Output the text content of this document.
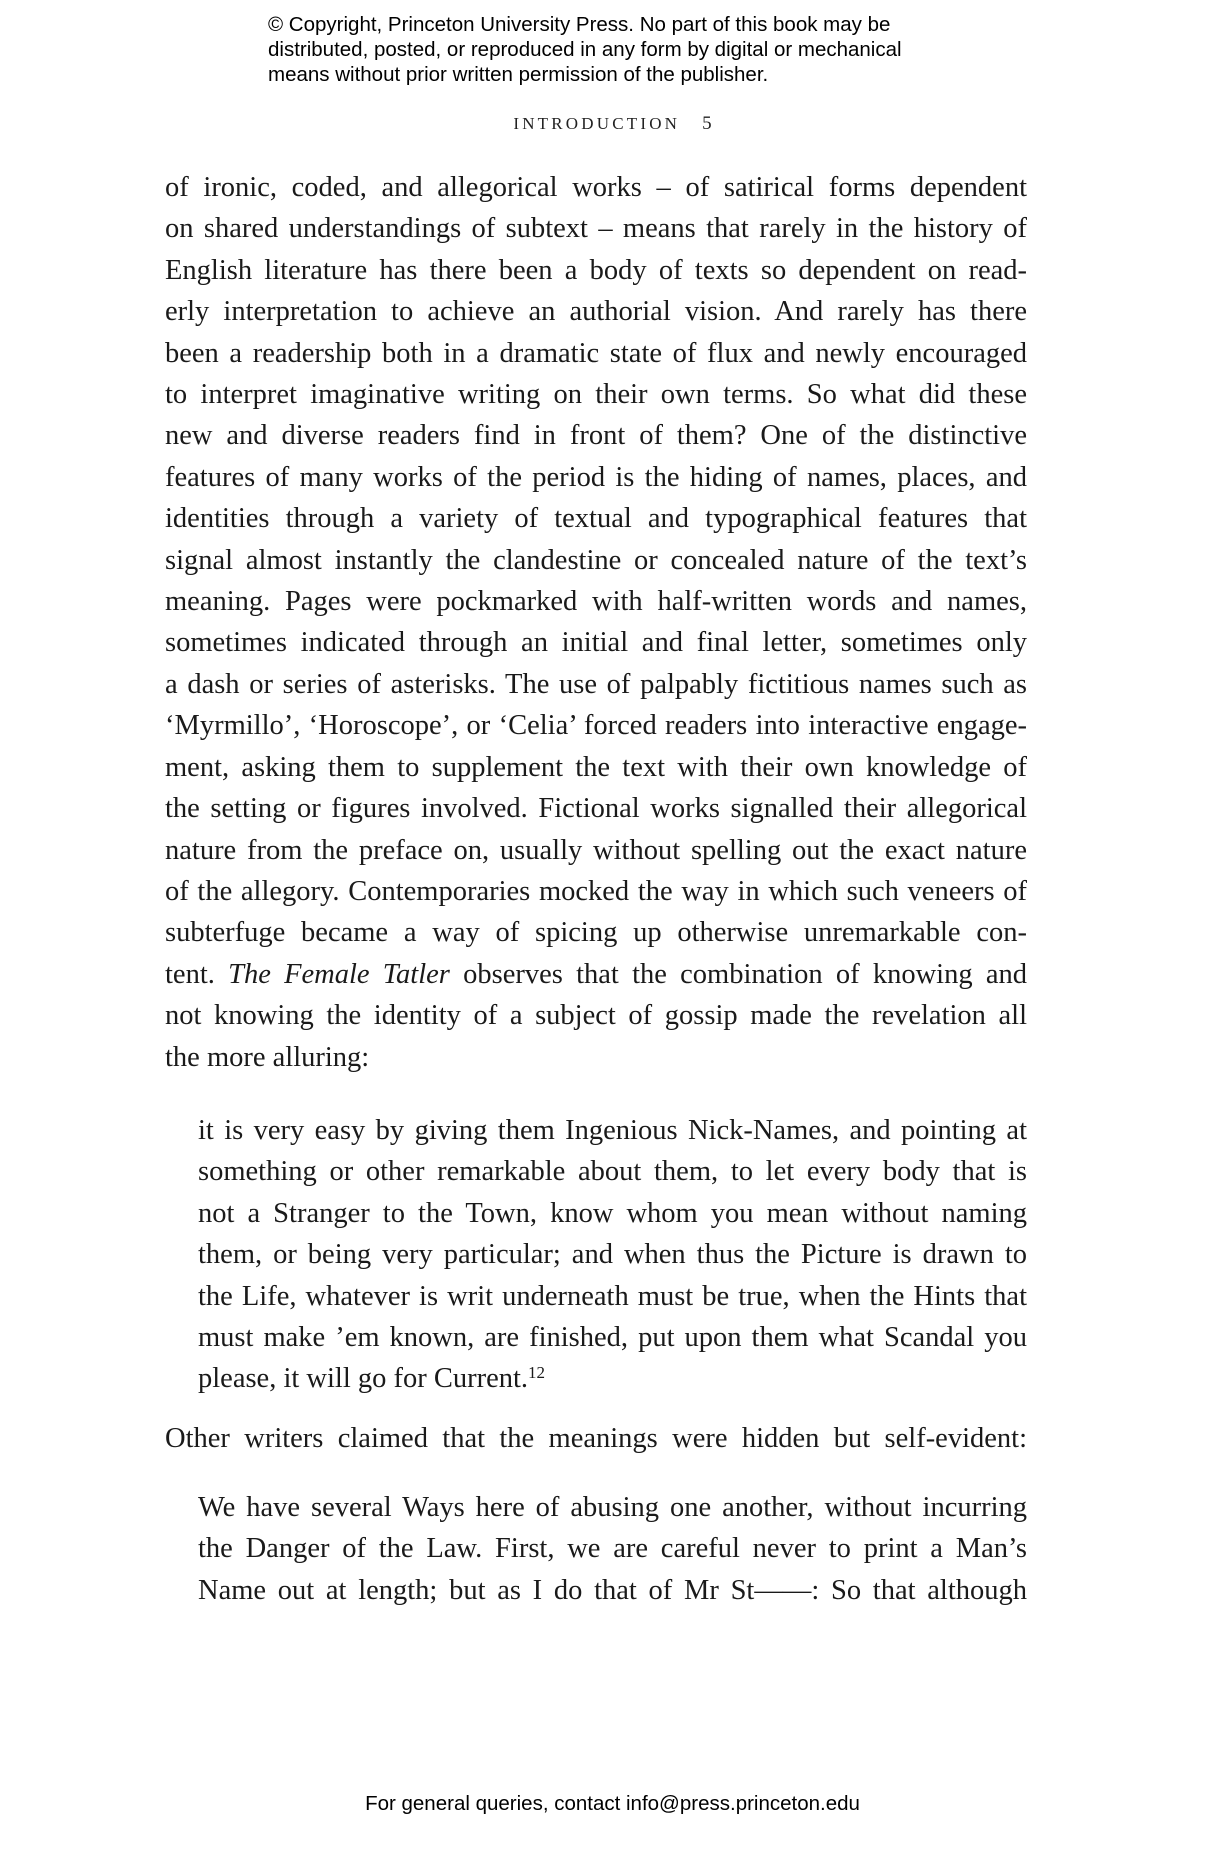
© Copyright, Princeton University Press. No part of this book may be
distributed, posted, or reproduced in any form by digital or mechanical
means without prior written permission of the publisher.
INTRODUCTION 5
of ironic, coded, and allegorical works – of satirical forms dependent
on shared understandings of subtext – means that rarely in the history of
English literature has there been a body of texts so dependent on read-
erly interpretation to achieve an authorial vision. And rarely has there
been a readership both in a dramatic state of flux and newly encouraged
to interpret imaginative writing on their own terms. So what did these
new and diverse readers find in front of them? One of the distinctive
features of many works of the period is the hiding of names, places, and
identities through a variety of textual and typographical features that
signal almost instantly the clandestine or concealed nature of the text’s
meaning. Pages were pockmarked with half-written words and names,
sometimes indicated through an initial and final letter, sometimes only
a dash or series of asterisks. The use of palpably fictitious names such as
‘Myrmillo’, ‘Horoscope’, or ‘Celia’ forced readers into interactive engage-
ment, asking them to supplement the text with their own knowledge of
the setting or figures involved. Fictional works signalled their allegorical
nature from the preface on, usually without spelling out the exact nature
of the allegory. Contemporaries mocked the way in which such veneers of
subterfuge became a way of spicing up otherwise unremarkable con-
tent. The Female Tatler observes that the combination of knowing and
not knowing the identity of a subject of gossip made the revelation all
the more alluring:
it is very easy by giving them Ingenious Nick-Names, and pointing at
something or other remarkable about them, to let every body that is
not a Stranger to the Town, know whom you mean without naming
them, or being very particular; and when thus the Picture is drawn to
the Life, whatever is writ underneath must be true, when the Hints that
must make ’em known, are finished, put upon them what Scandal you
please, it will go for Current.$^{12}$
Other writers claimed that the meanings were hidden but self-evident:
We have several Ways here of abusing one another, without incurring
the Danger of the Law. First, we are careful never to print a Man’s
Name out at length; but as I do that of Mr St——: So that although
For general queries, contact info@press.princeton.edu
